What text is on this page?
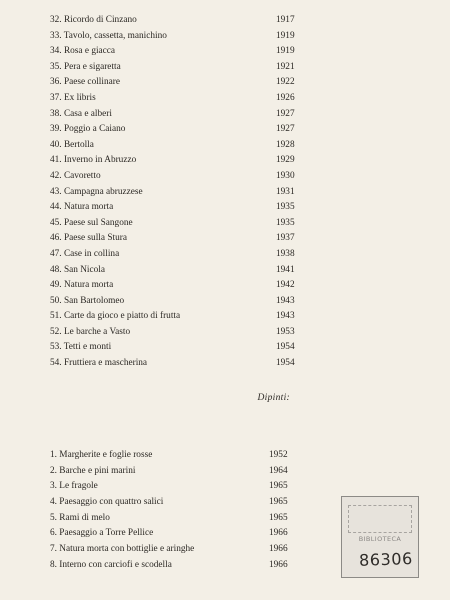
32. Ricordo di Cinzano	1917
33. Tavolo, cassetta, manichino	1919
34. Rosa e giacca	1919
35. Pera e sigaretta	1921
36. Paese collinare	1922
37. Ex libris	1926
38. Casa e alberi	1927
39. Poggio a Caiano	1927
40. Bertolla	1928
41. Inverno in Abruzzo	1929
42. Cavoretto	1930
43. Campagna abruzzese	1931
44. Natura morta	1935
45. Paese sul Sangone	1935
46. Paese sulla Stura	1937
47. Case in collina	1938
48. San Nicola	1941
49. Natura morta	1942
50. San Bartolomeo	1943
51. Carte da gioco e piatto di frutta	1943
52. Le barche a Vasto	1953
53. Tetti e monti	1954
54. Fruttiera e mascherina	1954
Dipinti:
1. Margherite e foglie rosse	1952
2. Barche e pini marini	1964
3. Le fragole	1965
4. Paesaggio con quattro salici	1965
5. Rami di melo	1965
6. Paesaggio a Torre Pellice	1966
7. Natura morta con bottiglie e aringhe	1966
8. Interno con carciofi e scodella	1966
BIBLIOTECA
86306
